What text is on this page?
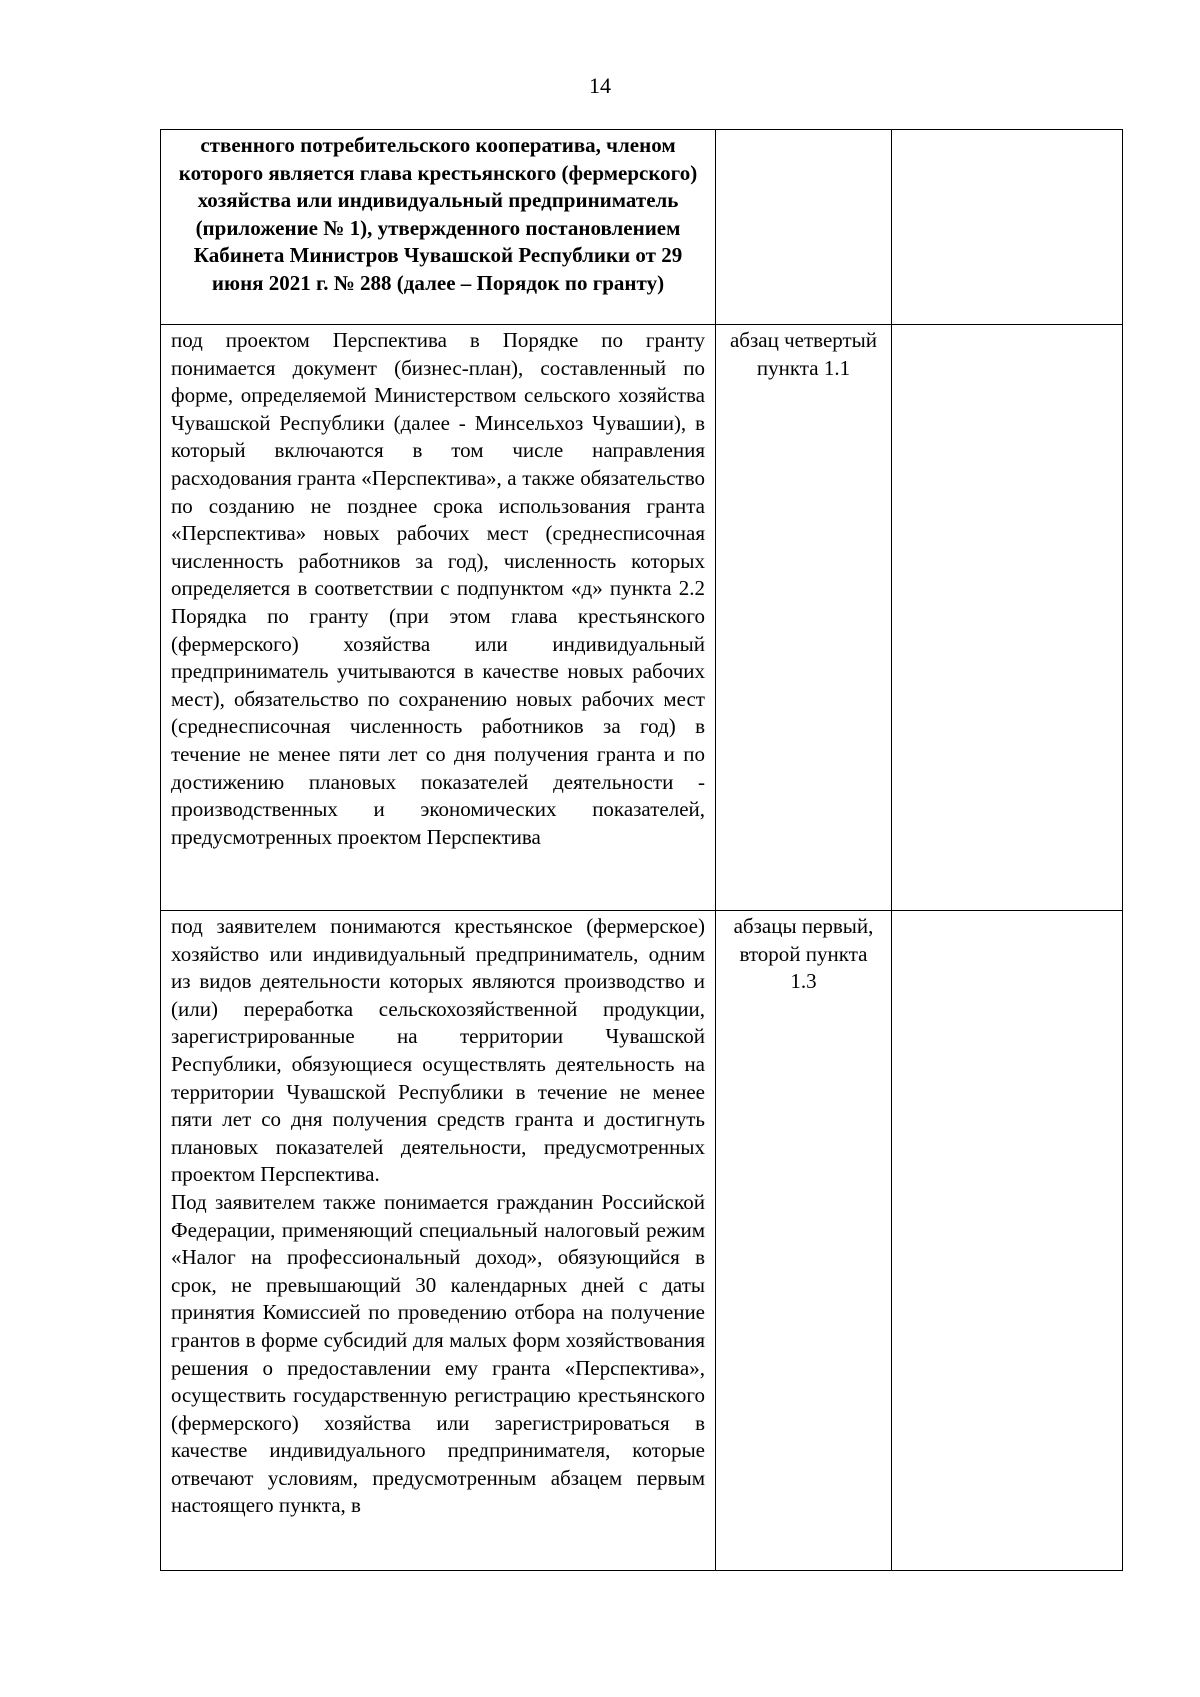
14
ственного потребительского кооператива, членом которого является глава крестьянского (фермерского) хозяйства или индивидуальный предприниматель (приложение № 1), утвержденного постановлением Кабинета Министров Чувашской Республики от 29 июня 2021 г. № 288 (далее – Порядок по гранту)		

под проектом Перспектива в Порядке по гранту понимается документ (бизнес-план), составленный по форме, определяемой Министерством сельского хозяйства Чувашской Республики (далее - Минсельхоз Чувашии), в который включаются в том числе направления расходования гранта «Перспектива», а также обязательство по созданию не позднее срока использования гранта «Перспектива» новых рабочих мест (среднесписочная численность работников за год), численность которых определяется в соответствии с подпунктом «д» пункта 2.2 Порядка по гранту (при этом глава крестьянского (фермерского) хозяйства или индивидуальный предприниматель учитываются в качестве новых рабочих мест), обязательство по сохранению новых рабочих мест (среднесписочная численность работников за год) в течение не менее пяти лет со дня получения гранта и по достижению плановых показателей деятельности - производственных и экономических показателей, предусмотренных проектом Перспектива	абзац четвертый пункта 1.1	

под заявителем понимаются крестьянское (фермерское) хозяйство или индивидуальный предприниматель, одним из видов деятельности которых являются производство и (или) переработка сельскохозяйственной продукции, зарегистрированные на территории Чувашской Республики, обязующиеся осуществлять деятельность на территории Чувашской Республики в течение не менее пяти лет со дня получения средств гранта и достигнуть плановых показателей деятельности, предусмотренных проектом Перспектива.

Под заявителем также понимается гражданин Российской Федерации, применяющий специальный налоговый режим «Налог на профессиональный доход», обязующийся в срок, не превышающий 30 календарных дней с даты принятия Комиссией по проведению отбора на получение грантов в форме субсидий для малых форм хозяйствования решения о предоставлении ему гранта «Перспектива», осуществить государственную регистрацию крестьянского (фермерского) хозяйства или зарегистрироваться в качестве индивидуального предпринимателя, которые отвечают условиям, предусмотренным абзацем первым настоящего пункта, в	абзацы первый, второй пункта 1.3	
